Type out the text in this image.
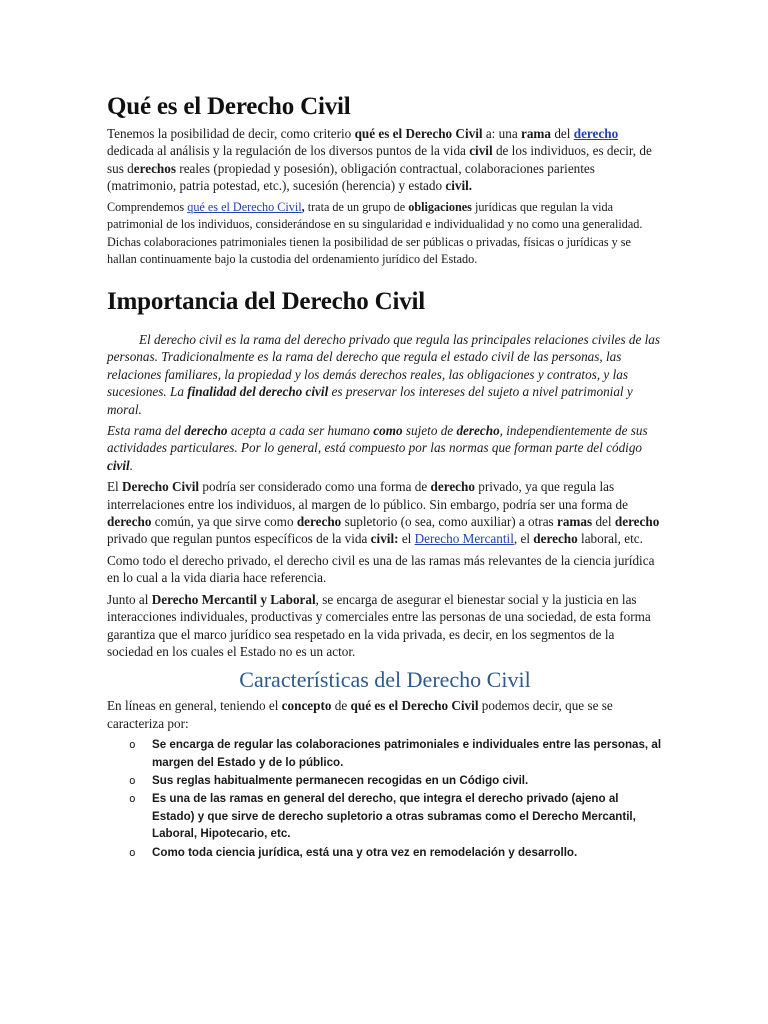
Qué es el Derecho Civil

Tenemos la posibilidad de decir, como criterio qué es el Derecho Civil a: una rama del derecho dedicada al análisis y la regulación de los diversos puntos de la vida civil de los individuos, es decir, de sus derechos reales (propiedad y posesión), obligación contractual, colaboraciones parientes (matrimonio, patria potestad, etc.), sucesión (herencia) y estado civil.

Comprendemos qué es el Derecho Civil, trata de un grupo de obligaciones jurídicas que regulan la vida patrimonial de los individuos, considerándose en su singularidad e individualidad y no como una generalidad. Dichas colaboraciones patrimoniales tienen la posibilidad de ser públicas o privadas, físicas o jurídicas y se hallan continuamente bajo la custodia del ordenamiento jurídico del Estado.

Importancia del Derecho Civil

El derecho civil es la rama del derecho privado que regula las principales relaciones civiles de las personas. Tradicionalmente es la rama del derecho que regula el estado civil de las personas, las relaciones familiares, la propiedad y los demás derechos reales, las obligaciones y contratos, y las sucesiones. La finalidad del derecho civil es preservar los intereses del sujeto a nivel patrimonial y moral.

Esta rama del derecho acepta a cada ser humano como sujeto de derecho, independientemente de sus actividades particulares. Por lo general, está compuesto por las normas que forman parte del código civil.

El Derecho Civil podría ser considerado como una forma de derecho privado, ya que regula las interrelaciones entre los individuos, al margen de lo público. Sin embargo, podría ser una forma de derecho común, ya que sirve como derecho supletorio (o sea, como auxiliar) a otras ramas del derecho privado que regulan puntos específicos de la vida civil: el Derecho Mercantil, el derecho laboral, etc.

Como todo el derecho privado, el derecho civil es una de las ramas más relevantes de la ciencia jurídica en lo cual a la vida diaria hace referencia.

Junto al Derecho Mercantil y Laboral, se encarga de asegurar el bienestar social y la justicia en las interacciones individuales, productivas y comerciales entre las personas de una sociedad, de esta forma garantiza que el marco jurídico sea respetado en la vida privada, es decir, en los segmentos de la sociedad en los cuales el Estado no es un actor.

Características del Derecho Civil

En líneas en general, teniendo el concepto de qué es el Derecho Civil podemos decir, que se se caracteriza por:

o Se encarga de regular las colaboraciones patrimoniales e individuales entre las personas, al margen del Estado y de lo público.
o Sus reglas habitualmente permanecen recogidas en un Código civil.
o Es una de las ramas en general del derecho, que integra el derecho privado (ajeno al Estado) y que sirve de derecho supletorio a otras subramas como el Derecho Mercantil, Laboral, Hipotecario, etc.
o Como toda ciencia jurídica, está una y otra vez en remodelación y desarrollo.
